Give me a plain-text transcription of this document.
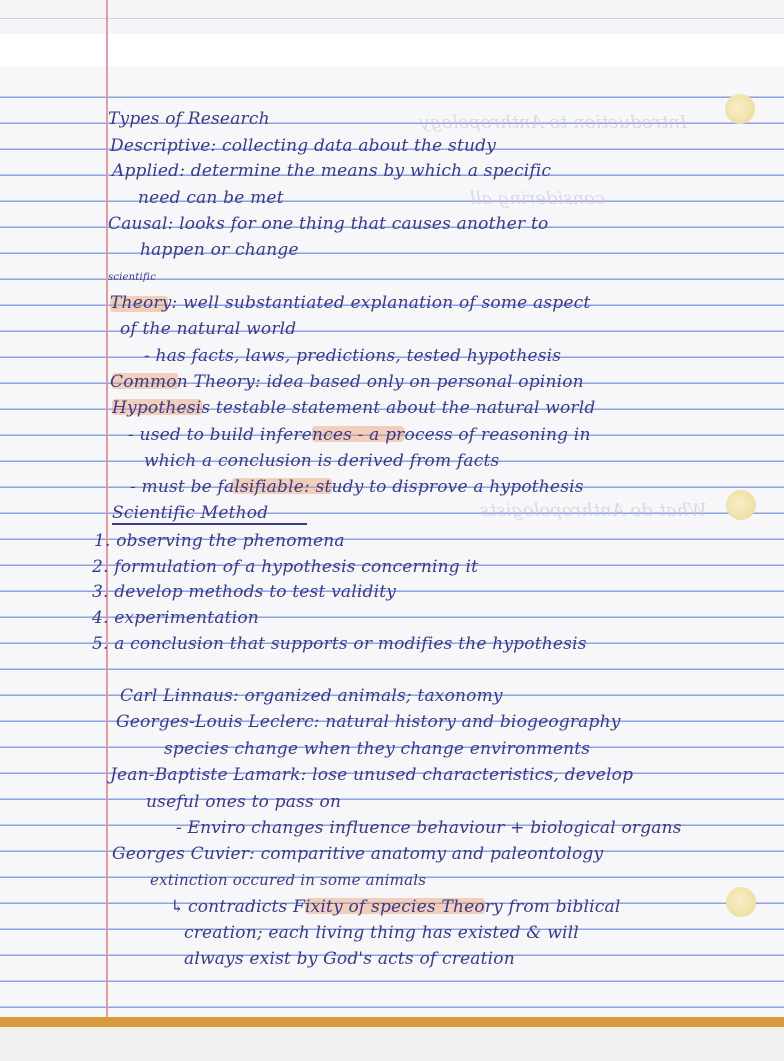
Introduction to Anthropology
considering all
What do Anthropologists

Types of Research

Descriptive: collecting data about the study

Applied: determine the means by which a specific

need can be met

Causal: looks for one thing that causes another to

happen or change

scientific

Theory: well substantiated explanation of some aspect

of the natural world

- has facts, laws, predictions, tested hypothesis

Common Theory: idea based only on personal opinion

Hypothesis testable statement about the natural world

- used to build inferences - a process of reasoning in

which a conclusion is derived from facts

- must be falsifiable: study to disprove a hypothesis

Scientific Method

1. observing the phenomena

2. formulation of a hypothesis concerning it

3. develop methods to test validity

4. experimentation

5. a conclusion that supports or modifies the hypothesis

Carl Linnaus: organized animals; taxonomy

Georges-Louis Leclerc: natural history and biogeography

species change when they change environments

Jean-Baptiste Lamark: lose unused characteristics, develop

useful ones to pass on

- Enviro changes influence behaviour + biological organs

Georges Cuvier: comparitive anatomy and paleontology

extinction occured in some animals

↳ contradicts Fixity of species Theory from biblical

creation; each living thing has existed & will

always exist by God's acts of creation
